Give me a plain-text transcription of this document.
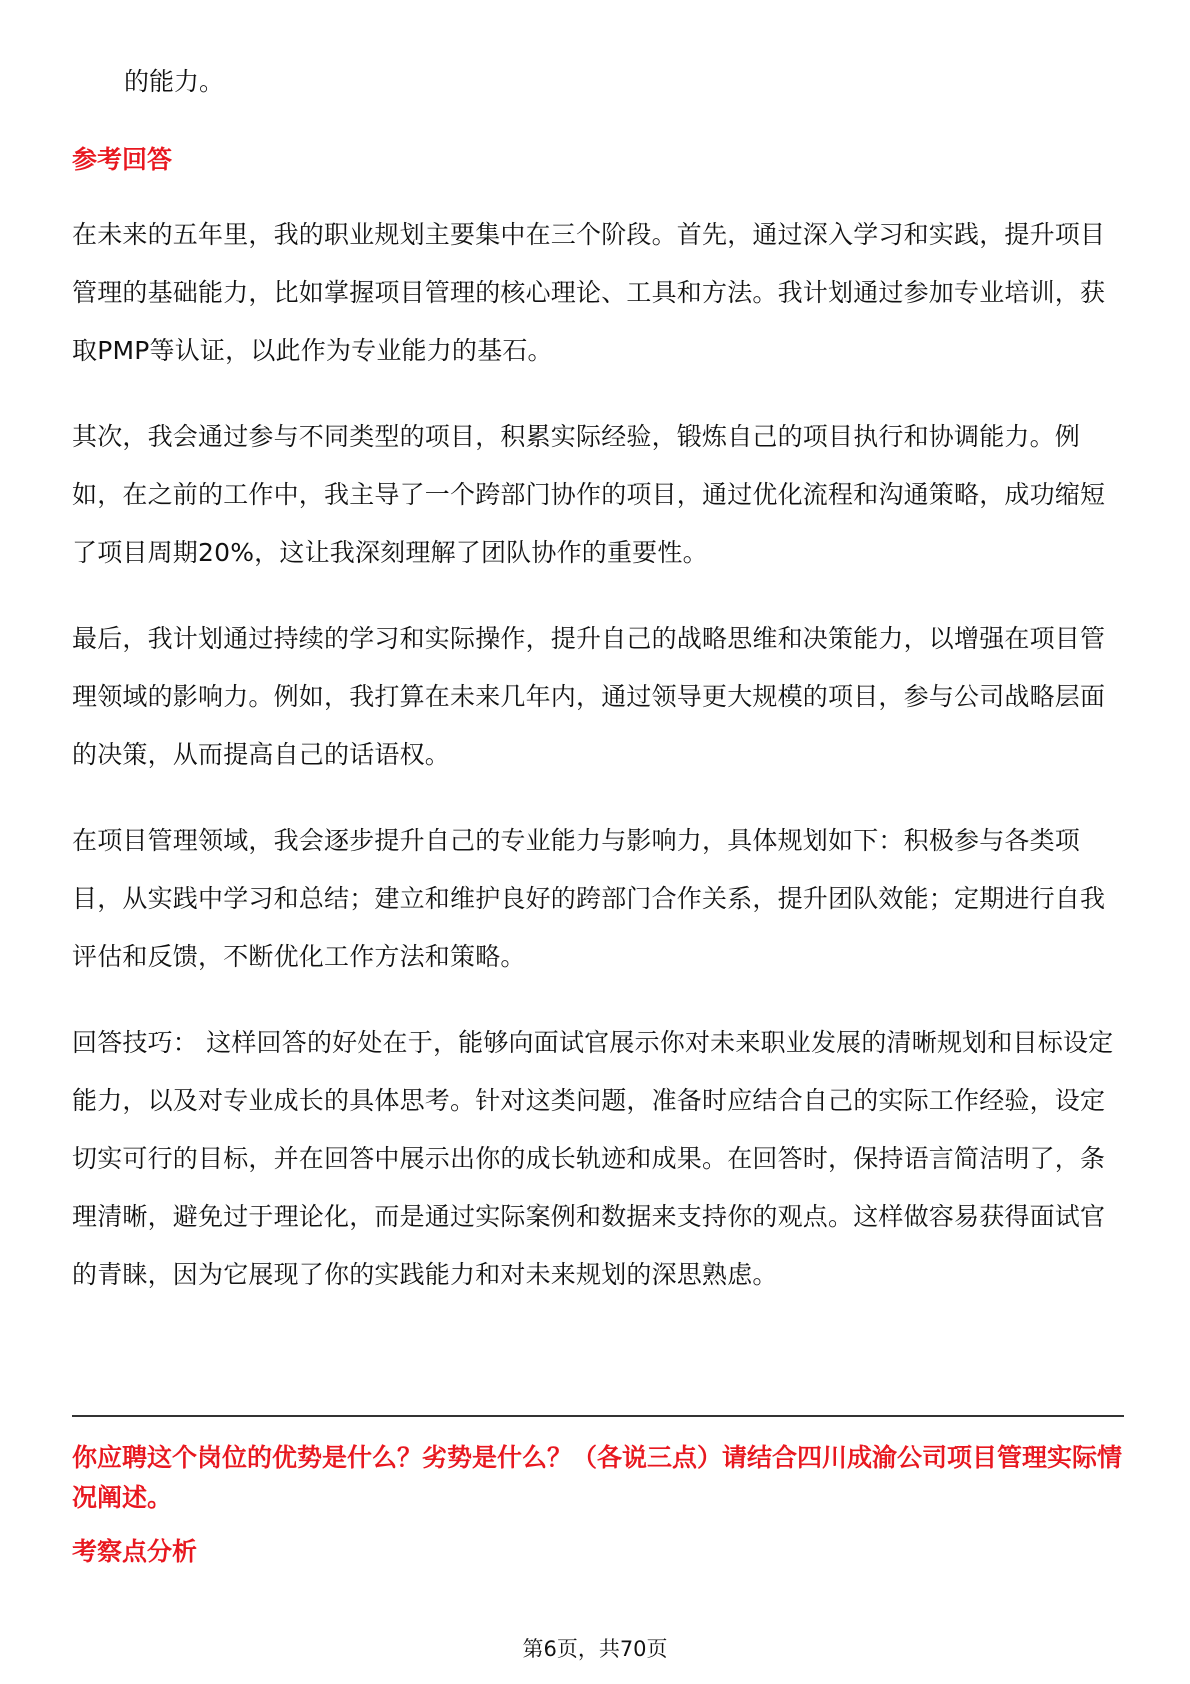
的能力。

参考回答

在未来的五年里，我的职业规划主要集中在三个阶段。首先，通过深入学习和实践，提升项目管理的基础能力，比如掌握项目管理的核心理论、工具和方法。我计划通过参加专业培训，获取PMP等认证，以此作为专业能力的基石。

其次，我会通过参与不同类型的项目，积累实际经验，锻炼自己的项目执行和协调能力。例如，在之前的工作中，我主导了一个跨部门协作的项目，通过优化流程和沟通策略，成功缩短了项目周期20%，这让我深刻理解了团队协作的重要性。

最后，我计划通过持续的学习和实际操作，提升自己的战略思维和决策能力，以增强在项目管理领域的影响力。例如，我打算在未来几年内，通过领导更大规模的项目，参与公司战略层面的决策，从而提高自己的话语权。

在项目管理领域，我会逐步提升自己的专业能力与影响力，具体规划如下：积极参与各类项目，从实践中学习和总结；建立和维护良好的跨部门合作关系，提升团队效能；定期进行自我评估和反馈，不断优化工作方法和策略。

回答技巧： 这样回答的好处在于，能够向面试官展示你对未来职业发展的清晰规划和目标设定能力，以及对专业成长的具体思考。针对这类问题，准备时应结合自己的实际工作经验，设定切实可行的目标，并在回答中展示出你的成长轨迹和成果。在回答时，保持语言简洁明了，条理清晰，避免过于理论化，而是通过实际案例和数据来支持你的观点。这样做容易获得面试官的青睐，因为它展现了你的实践能力和对未来规划的深思熟虑。

你应聘这个岗位的优势是什么？劣势是什么？（各说三点）请结合四川成渝公司项目管理实际情况阐述。
考察点分析
第6页，共70页
